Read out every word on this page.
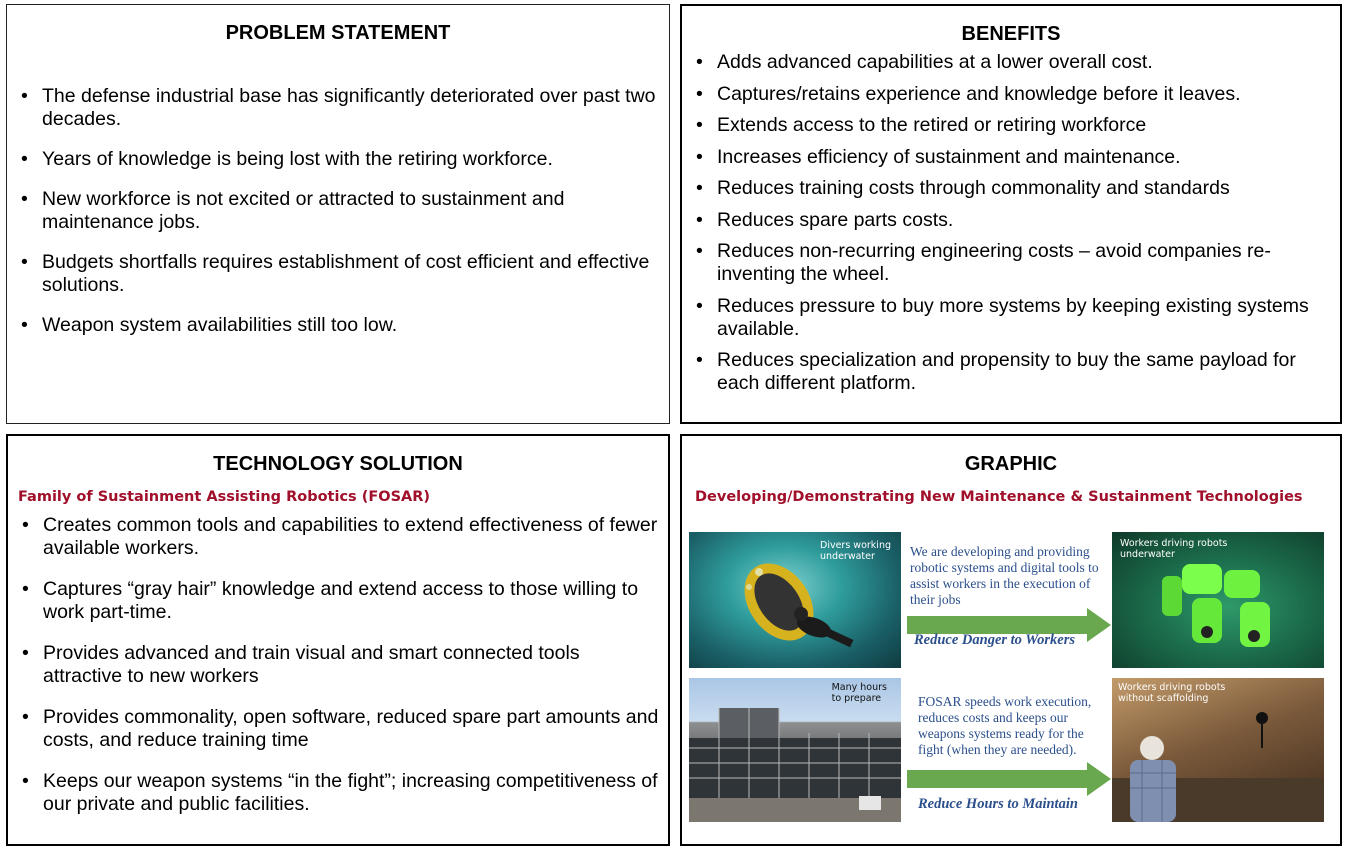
PROBLEM STATEMENT
• The defense industrial base has significantly deteriorated over past two decades.
• Years of knowledge is being lost with the retiring workforce.
• New workforce is not excited or attracted to sustainment and maintenance jobs.
• Budgets shortfalls requires establishment of cost efficient and effective solutions.
• Weapon system availabilities still too low.
BENEFITS
• Adds advanced capabilities at a lower overall cost.
• Captures/retains experience and knowledge before it leaves.
• Extends access to the retired or retiring workforce
• Increases efficiency of sustainment and maintenance.
• Reduces training costs through commonality and standards
• Reduces spare parts costs.
• Reduces non-recurring engineering costs – avoid companies re-inventing the wheel.
• Reduces pressure to buy more systems by keeping existing systems available.
• Reduces specialization and propensity to buy the same payload for each different platform.
TECHNOLOGY SOLUTION
Family of Sustainment Assisting Robotics (FOSAR)
• Creates common tools and capabilities to extend effectiveness of fewer available workers.
• Captures “gray hair” knowledge and extend access to those willing to work part-time.
• Provides advanced and train visual and smart connected tools attractive to new workers
• Provides commonality, open software, reduced spare part amounts and costs, and reduce training time
• Keeps our weapon systems “in the fight”; increasing competitiveness of our private and public facilities.
GRAPHIC
Developing/Demonstrating New Maintenance & Sustainment Technologies
Divers working
underwater	We are developing and providing robotic systems and digital tools to assist workers in the execution of their jobs
Reduce Danger to Workers
Workers driving robots
underwater
Many hours
to prepare	FOSAR speeds work execution, reduces costs and keeps our weapons systems ready for the fight (when they are needed).
Reduce Hours to Maintain
Workers driving robots
without scaffolding
